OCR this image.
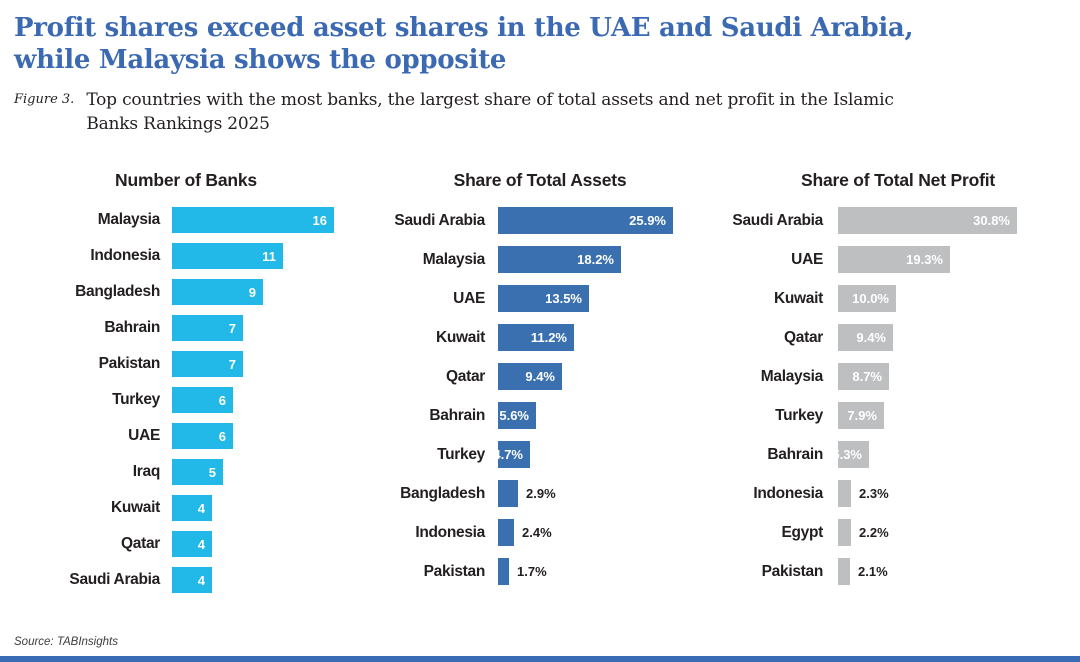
Profit shares exceed asset shares in the UAE and Saudi Arabia,
while Malaysia shows the opposite
Figure 3. Top countries with the most banks, the largest share of total assets and net profit in the Islamic Banks Rankings 2025
Number of Banks
Malaysia	16
Indonesia	11
Bangladesh	9
Bahrain	7
Pakistan	7
Turkey	6
UAE	6
Iraq	5
Kuwait	4
Qatar	4
Saudi Arabia	4
Share of Total Assets
Saudi Arabia	25.9%
Malaysia	18.2%
UAE	13.5%
Kuwait	11.2%
Qatar	9.4%
Bahrain 5.6%
Turkey 4.7%
Bangladesh	2.9%
Indonesia	2.4%
Pakistan 1.7%
Share of Total Net Profit
Saudi Arabia	30.8%
UAE	19.3%
Kuwait 10.0%
Qatar	9.4%
Malaysia 8.7%
Turkey 7.9%
Bahrain 5.3%
Indonesia	2.3%
Egypt	2.2%
Pakistan	2.1%
Source: TABInsights
